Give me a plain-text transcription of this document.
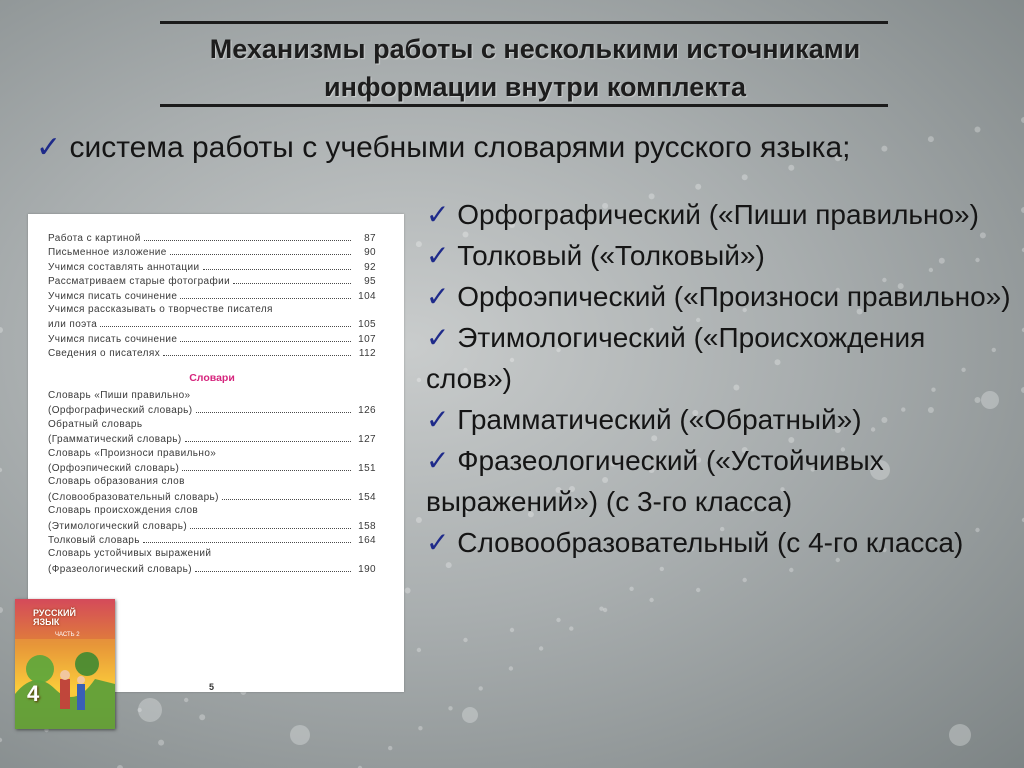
Механизмы работы с несколькими источниками
информации внутри комплекта
✓ система работы с учебными словарями русского языка;
Работа с картиной	87
Письменное изложение	90
Учимся составлять аннотации	92
Рассматриваем старые фотографии	95
Учимся писать сочинение	104
Учимся рассказывать о творчестве писателя
или поэта	105
Учимся писать сочинение	107
Сведения о писателях	112
Словари
Словарь «Пиши правильно»
(Орфографический словарь)	126
Обратный словарь
(Грамматический словарь)	127
Словарь «Произноси правильно»
(Орфоэпический словарь)	151
Словарь образования слов
(Словообразовательный словарь)	154
Словарь происхождения слов
(Этимологический словарь)	158
Толковый словарь	164
Словарь устойчивых выражений
(Фразеологический словарь)	190
5
РУССКИЙ
ЯЗЫК
ЧАСТЬ 2
4
✓ Орфографический («Пиши правильно»)
✓ Толковый («Толковый»)
✓ Орфоэпический («Произноси правильно»)
✓ Этимологический («Происхождения слов»)
✓ Грамматический («Обратный»)
✓ Фразеологический («Устойчивых выражений») (с 3-го класса)
✓ Словообразовательный (с 4-го класса)
